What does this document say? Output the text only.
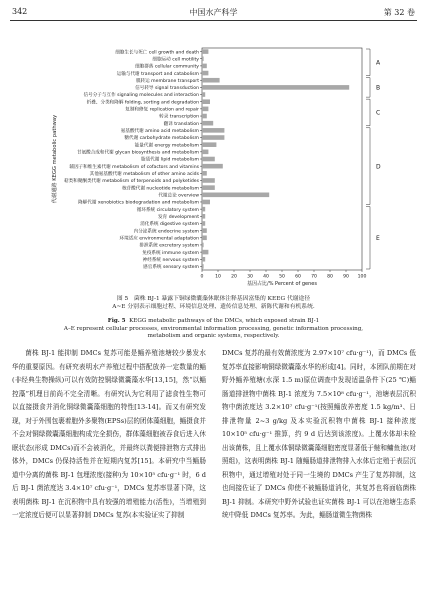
342	中国水产科学	第 32 卷
细胞生长与死亡 cell growth and death
细胞运动 cell motility
细胞群落 cellular community
运输与代谢 transport and catabolism
膜转运 membrane transport
信号转导 signal transduction
信号分子与互作 signaling molecules and interaction
折叠、分类和降解 folding, sorting and degradation
复制和修复 replication and repair
转录 transcription
翻译 translation
氨基酸代谢 amino acid metabolism
糖代谢 carbohydrate metabolism
能量代谢 energy metabolism
甘氨酸合成和代谢 glycan biosynthesis and metabolism
脂质代谢 lipid metabolism
辅因子和维生素代谢 metabolism of cofactors and vitamins
其他氨基酸代谢 metabolism of other amino acids
萜类和聚酮类代谢 metabolism of terpenoids and polyketides
核苷酸代谢 nucleotide metabolism
代谢总论 overview
降解代谢 xenobiotics biodegradation and metabolism
循环系统 circulatory system
发育 development
消化系统 digestive system
内分泌系统 endocrine system
环境适应 environmental adaptation
排泄系统 excretory system
免疫系统 immune system
神经系统 nervous system
感官系统 sensory system
0	10 20 30 40 50 60 70 80 90 100
基因占比/% Percent of genes
代谢通路 KEGG metabolic pathway
A
B
C
D
E
图 5　菌株 BJ-1 暴露下铜绿微囊藻休眠体注释基因富集的 KEEG 代谢途径
A~E 分别表示细胞过程、环境信息处理、遗传信息处理、新陈代谢和有机系统.
Fig. 5 KEGG metabolic pathways of the DMCs, which exposed strain BJ-1
A–E represent cellular processes, environmental information processing, genetic information processing,
metabolism and organic systems, respectively.

菌株 BJ-1 能抑制 DMCs 复苏可能是鲻养殖池塘较少暴发水华的重要原因。有研究表明水产养殖过程中搭配放养一定数量的鲻(非经典生物操纵)可以有效防控铜绿微囊藻水华[13,15]，然“以鲻控藻”机理目前尚不完全清晰。有研究认为它利用了滤食性生物可以直接摄食并消化铜绿微囊藻细胞的特性[13-14]。而又有研究发现，对于外围包裹着胞外多聚物(EPSs)层的团体藻细胞，鲻摄食并不会对铜绿微囊藻细胞构成完全损伤，群体藻细胞被吞食后进入休眠状态(形成 DMCs)而不会被消化，并最终以粪便排泄物方式排出体外，DMCs 仍保持活性并在短期内复苏[15]。本研究中当鲻肠道中分离的菌株 BJ-1 包埋浓度(接种)为 10×10⁵ cfu·g⁻¹ 时，6 d 后 BJ-1 菌浓度达 3.4×10⁷ cfu·g⁻¹，DMCs 复苏率显著下降，这表明菌株 BJ-1 在沉积物中具有较强的增殖能力(活性)，当增殖到一定浓度后便可以显著抑制 DMCs 复苏(本实验证实了抑制

DMCs 复苏的最有效菌浓度为 2.97×10⁷ cfu·g⁻¹)，而 DMCs 低复苏率直接影响铜绿微囊藻水华的形成[4]。同时，本团队前期在对野外鲻养殖塘(水深 1.5 m)原位调查中发现适温条件下(25 ℃)鲻肠道排泄物中菌株 BJ-1 浓度为 7.5×10⁸ cfu·g⁻¹，池塘表层沉积物中菌浓度达 3.2×10⁷ cfu·g⁻¹(按照鲻放养密度 1.5 kg/m³、日排泄物量 2~3 g/kg 及本实验沉积物中菌株 BJ-1 接种浓度 10×10⁵ cfu·g⁻¹ 推算，约 9 d 后达到该浓度)。上覆水体却未检出该菌株，且上覆水体铜绿微囊藻细胞密度显著低于鲢和鳙鱼池(对照组)，这表明菌株 BJ-1 随鲻肠道排泄物排入水体后定殖于表层沉积物中，通过增殖对处于同一生境的 DMCs 产生了复苏抑制，这也间接佐证了 DMCs 仰使不被鲻肠道消化，其复苏也将面临菌株 BJ-1 抑制。本研究中野外试验也证实菌株 BJ-1 可以在池塘生态系统中降低 DMCs 复苏率。为此，鲻肠道微生物菌株
